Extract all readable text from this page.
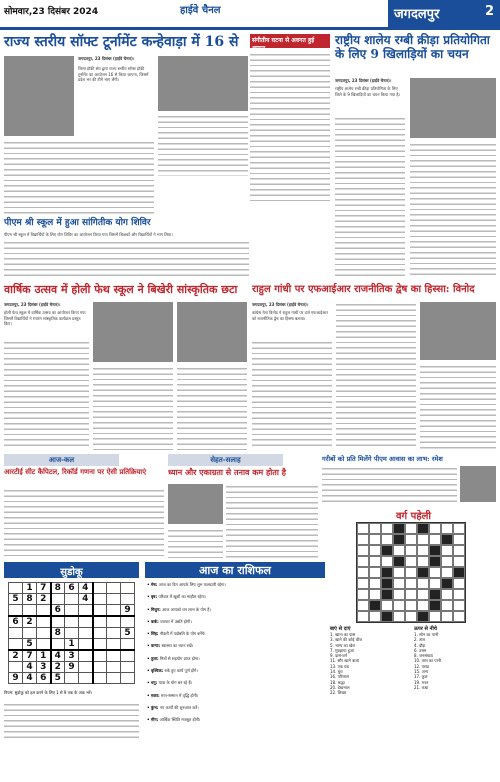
सोमवार,23 दिसंबर 2024	हाईवे चैनल	जगदलपुर	2
राज्य स्तरीय सॉफ्ट टूर्नामेंट कन्हेवाड़ा में 16 से
जगदलपुर, 23 दिसंबर (हाईवे चैनल)।
जिला हॉकी संघ द्वारा राज्य स्तरीय सॉफ्ट हॉकी टूर्नामेंट का आयोजन 16 से किया जाएगा, जिसमें प्रदेश भर की टीमें भाग लेंगी।
संगीतीय घटना से अवगत हुई शासन
पीएम श्री स्कूल में हुआ सांगितीक योग शिविर
पीएम श्री स्कूल में विद्यार्थियों के लिए योग शिविर का आयोजन किया गया जिसमें शिक्षकों और विद्यार्थियों ने भाग लिया।
राष्ट्रीय शालेय रग्बी क्रीड़ा प्रतियोगिता के लिए 9 खिलाड़ियों का चयन
जगदलपुर, 23 दिसंबर (हाईवे चैनल)।
राष्ट्रीय शालेय रग्बी क्रीड़ा प्रतियोगिता के लिए जिले के 9 खिलाड़ियों का चयन किया गया है।
वार्षिक उत्सव में होली फेथ स्कूल ने बिखेरी सांस्कृतिक छटा
जगदलपुर, 23 दिसंबर (हाईवे चैनल)।
होली फेथ स्कूल में वार्षिक उत्सव का आयोजन किया गया जिसमें विद्यार्थियों ने रंगारंग सांस्कृतिक कार्यक्रम प्रस्तुत किए।
राहुल गांधी पर एफआईआर राजनीतिक द्वेष का हिस्सा: विनोद
जगदलपुर, 23 दिसंबर (हाईवे चैनल)।
कांग्रेस नेता विनोद ने राहुल गांधी पर दर्ज एफआईआर को राजनीतिक द्वेष का हिस्सा बताया।
आज-कल
आरटीई सीट कैपिटल, रिकॉर्ड गणना पर ऐसी प्रतिक्रियाएं
सेहत-सलाह
ध्यान और एकाग्रता से तनाव कम होता है
गरीबों को प्रति मिलेंगे पीएम आवास का लाभ: रमेश
सुडोकू
	1	7	8	6	4			
5	8	2			4			
			6					9
6	2							
			8					5
	5			1				
2	7	1	4	3				
	4	3	2	9				
9	4	6	5					
नियम: सुडोकू को हल करने के लिए 1 से 9 तक के अंक भरें।
आज का राशिफल
• मेष: आज का दिन आपके लिए शुभ फलदायी रहेगा।
• वृष: परिवार में खुशी का माहौल रहेगा।
• मिथुन: आज आपको धन लाभ के योग हैं।
• कर्क: व्यापार में उन्नति होगी।
• सिंह: नौकरी में पदोन्नति के योग बनेंगे।
• कन्या: स्वास्थ्य का ध्यान रखें।
• तुला: मित्रों से सहयोग प्राप्त होगा।
• वृश्चिक: रुके हुए कार्य पूर्ण होंगे।
• धनु: यात्रा के योग बन रहे हैं।
• मकर: मान-सम्मान में वृद्धि होगी।
• कुंभ: नए कार्यों की शुरुआत करें।
• मीन: आर्थिक स्थिति मजबूत होगी।
वर्ग पहेली
बाएं से दाएं
1. खाना का ग्रास
3. खाने की कोई चीज
5. भाग्य का खेल
7. मुरझाया हुआ
9. दास-वर्ग
11. सौर खाने वाला
13. एक ग्रंथ
14. धुंध
16. परिणाम
18. श्रद्धा
20. देखभाल
22. शिखर
ऊपर से नीचे
1. सोन का पानी
2. ताल
4. दौड़ा
6. उत्तम
8. जनसंख्या
10. ताल का पानी
12. परख
15. अन्य
17. कुल
19. भरत
21. कथा
